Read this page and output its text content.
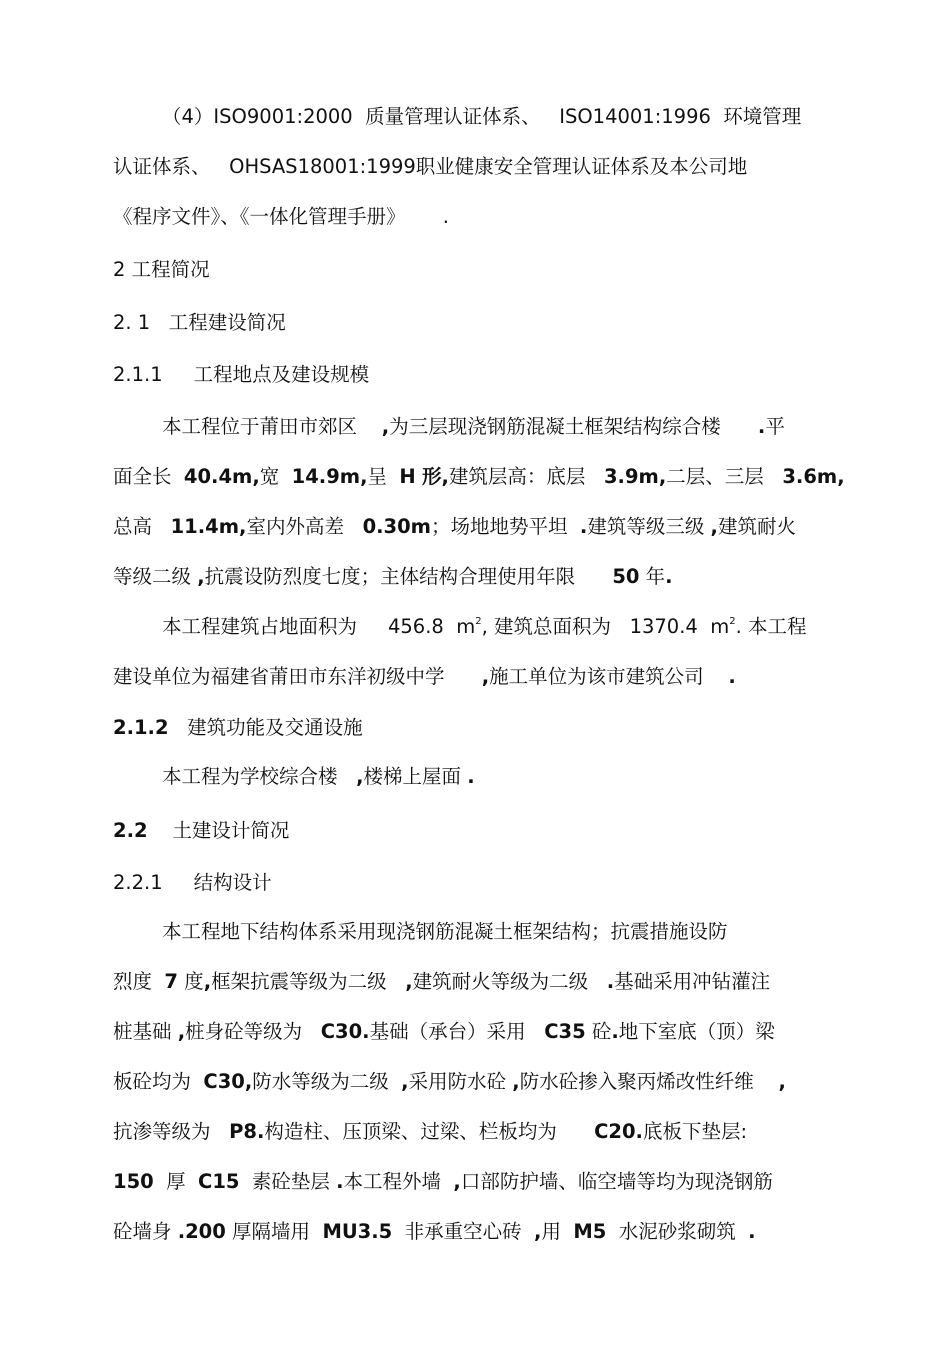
（4）ISO9001:2000  质量管理认证体系、   ISO14001:1996  环境管理
认证体系、   OHSAS18001:1999职业健康安全管理认证体系及本公司地
《程序文件》、《一体化管理手册》      .
2 工程简况
2. 1   工程建设简况
2.1.1     工程地点及建设规模
本工程位于莆田市郊区    ,为三层现浇钢筋混凝土框架结构综合楼      .平
面全长  40.4m,宽  14.9m,呈  H 形,建筑层高：底层   3.9m,二层、三层   3.6m,
总高   11.4m,室内外高差   0.30m；场地地势平坦  .建筑等级三级 ,建筑耐火
等级二级 ,抗震设防烈度七度；主体结构合理使用年限      50 年.
本工程建筑占地面积为     456.8  $m^2$, 建筑总面积为   1370.4  $m^2$. 本工程
建设单位为福建省莆田市东洋初级中学      ,施工单位为该市建筑公司    .
2.1.2   建筑功能及交通设施
本工程为学校综合楼   ,楼梯上屋面 .
2.2    土建设计简况
2.2.1     结构设计
本工程地下结构体系采用现浇钢筋混凝土框架结构；抗震措施设防
烈度  7 度,框架抗震等级为二级   ,建筑耐火等级为二级   .基础采用冲钻灌注
桩基础 ,桩身砼等级为   C30.基础（承台）采用   C35 砼.地下室底（顶）梁
板砼均为  C30,防水等级为二级  ,采用防水砼 ,防水砼掺入聚丙烯改性纤维    ,
抗渗等级为   P8.构造柱、压顶梁、过梁、栏板均为      C20.底板下垫层:
150  厚  C15  素砼垫层 .本工程外墙  ,口部防护墙、临空墙等均为现浇钢筋
砼墙身 .200 厚隔墙用  MU3.5  非承重空心砖  ,用  M5  水泥砂浆砌筑  .
